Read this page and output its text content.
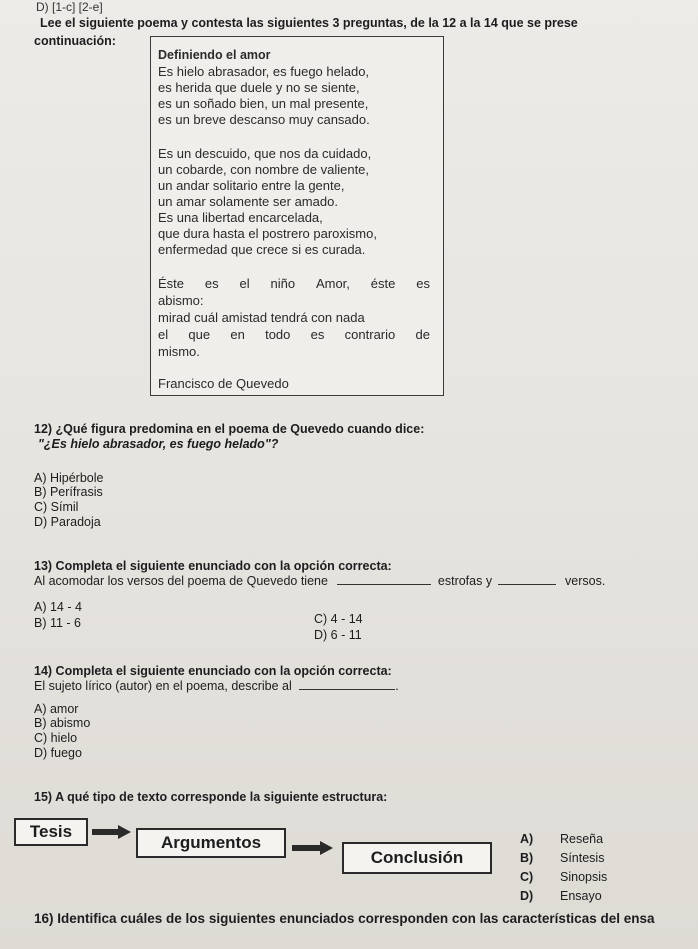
D) [1-c] [2-e]
Lee el siguiente poema y contesta las siguientes 3 preguntas, de la 12 a la 14 que se prese
continuación:
Definiendo el amor
Es hielo abrasador, es fuego helado,
es herida que duele y no se siente,
es un soñado bien, un mal presente,
es un breve descanso muy cansado.
Es un descuido, que nos da cuidado,
un cobarde, con nombre de valiente,
un andar solitario entre la gente,
un amar solamente ser amado.
Es una libertad encarcelada,
que dura hasta el postrero paroxismo,
enfermedad que crece si es curada.
Éste es el niño Amor, éste es
abismo:
mirad cuál amistad tendrá con nada
el que en todo es contrario de
mismo.
Francisco de Quevedo
12) ¿Qué figura predomina en el poema de Quevedo cuando dice:
"¿Es hielo abrasador, es fuego helado"?
A) Hipérbole
B) Perífrasis
C) Símil
D) Paradoja
13) Completa el siguiente enunciado con la opción correcta:
Al acomodar los versos del poema de Quevedo tiene	estrofas y	versos.
A) 14 - 4
B) 11 - 6	C) 4 - 14
D) 6 - 11
14) Completa el siguiente enunciado con la opción correcta:
El sujeto lírico (autor) en el poema, describe al	.
A) amor
B) abismo
C) hielo
D) fuego
15) A qué tipo de texto corresponde la siguiente estructura:
Tesis
Argumentos
Conclusión
A) Reseña
B) Síntesis
C) Sinopsis
D) Ensayo
16) Identifica cuáles de los siguientes enunciados corresponden con las características del ensa
